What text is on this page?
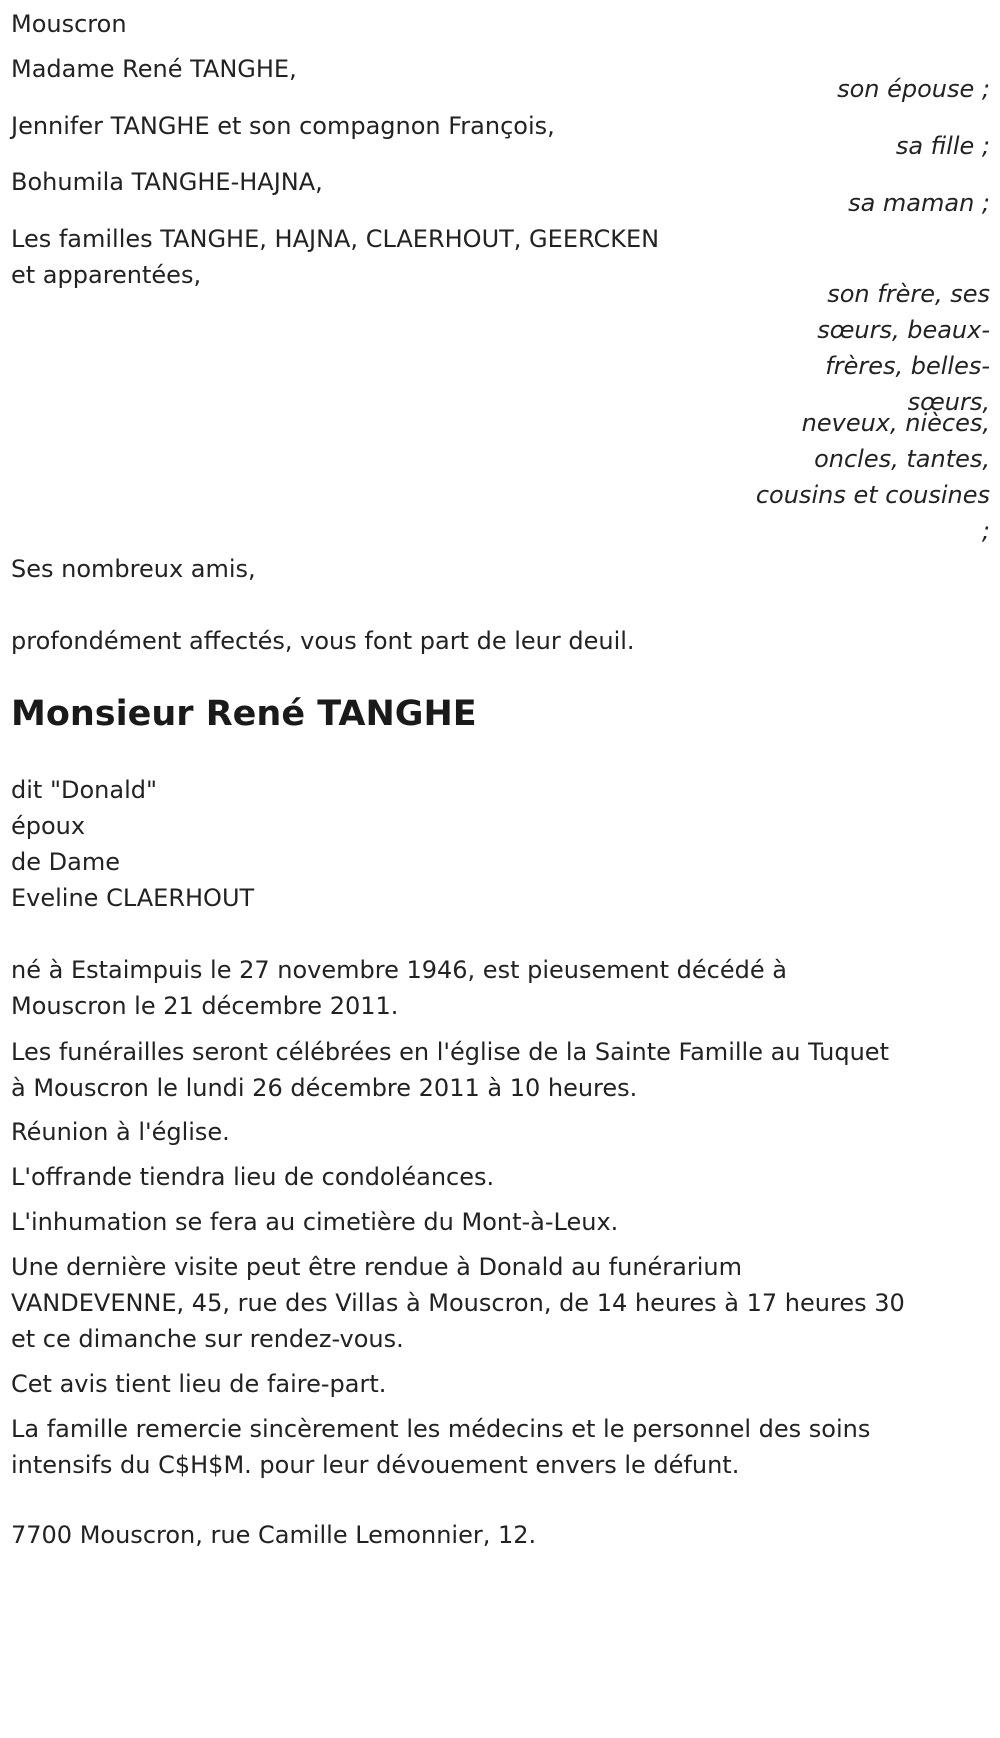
Mouscron

Madame René TANGHE,

son épouse ;

Jennifer TANGHE et son compagnon François,

sa fille ;

Bohumila TANGHE-HAJNA,

sa maman ;

Les familles TANGHE, HAJNA, CLAERHOUT, GEERCKEN
et apparentées,

son frère, ses
sœurs, beaux-
frères, belles-
sœurs,

neveux, nièces,
oncles, tantes,
cousins et cousines
;

Ses nombreux amis,

profondément affectés, vous font part de leur deuil.

Monsieur René TANGHE

dit "Donald"
époux
de Dame
Eveline CLAERHOUT

né à Estaimpuis le 27 novembre 1946, est pieusement décédé à
Mouscron le 21 décembre 2011.

Les funérailles seront célébrées en l'église de la Sainte Famille au Tuquet
à Mouscron le lundi 26 décembre 2011 à 10 heures.

Réunion à l'église.

L'offrande tiendra lieu de condoléances.

L'inhumation se fera au cimetière du Mont-à-Leux.

Une dernière visite peut être rendue à Donald au funérarium
VANDEVENNE, 45, rue des Villas à Mouscron, de 14 heures à 17 heures 30
et ce dimanche sur rendez-vous.

Cet avis tient lieu de faire-part.

La famille remercie sincèrement les médecins et le personnel des soins
intensifs du C$H$M. pour leur dévouement envers le défunt.

7700 Mouscron, rue Camille Lemonnier, 12.
